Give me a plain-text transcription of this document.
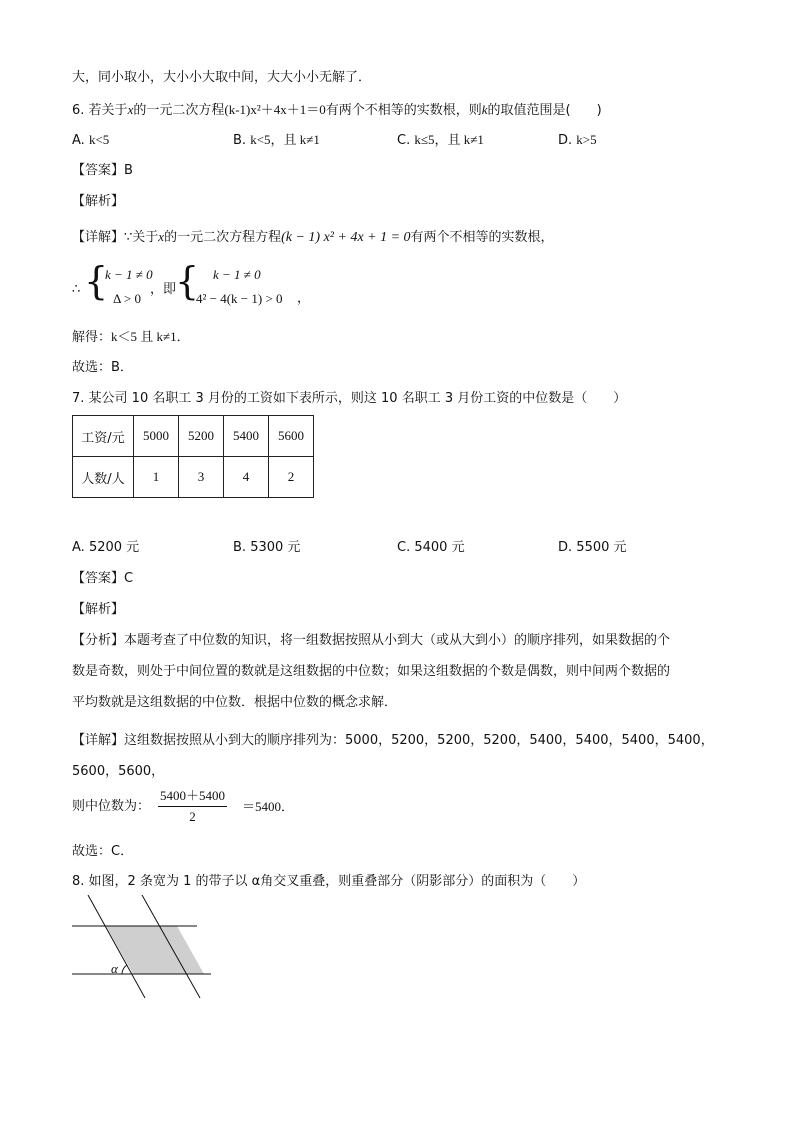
大，同小取小，大小小大取中间，大大小小无解了．
6. 若关于x的一元二次方程(k-1)x²＋4x＋1＝0有两个不相等的实数根，则k的取值范围是(　　)
A. k<5	B. k<5，且 k≠1	C. k≤5，且 k≠1	D. k>5
【答案】B
【解析】
【详解】∵关于x的一元二次方程方程(k − 1) x² + 4x + 1 = 0有两个不相等的实数根，
∴ {
k − 1 ≠ 0
Δ > 0
，即
{ k − 1 ≠ 0
4² − 4(k − 1) > 0 ，
解得：k＜5 且 k≠1．
故选：B．
7. 某公司 10 名职工 3 月份的工资如下表所示，则这 10 名职工 3 月份工资的中位数是（　　）
工资/元	5000	5200	5400	5600
人数/人	1	3	4	2
A. 5200 元	B. 5300 元	C. 5400 元	D. 5500 元
【答案】C
【解析】
【分析】本题考查了中位数的知识，将一组数据按照从小到大（或从大到小）的顺序排列，如果数据的个
数是奇数，则处于中间位置的数就是这组数据的中位数；如果这组数据的个数是偶数，则中间两个数据的
平均数就是这组数据的中位数．根据中位数的概念求解．
【详解】这组数据按照从小到大的顺序排列为：5000，5200，5200，5200，5400，5400，5400，5400，
5600，5600，
则中位数为： $\frac{5400+5400}{2} =5400$．
故选：C．
8. 如图，2 条宽为 1 的带子以 α角交叉重叠，则重叠部分（阴影部分）的面积为（　　）
α
